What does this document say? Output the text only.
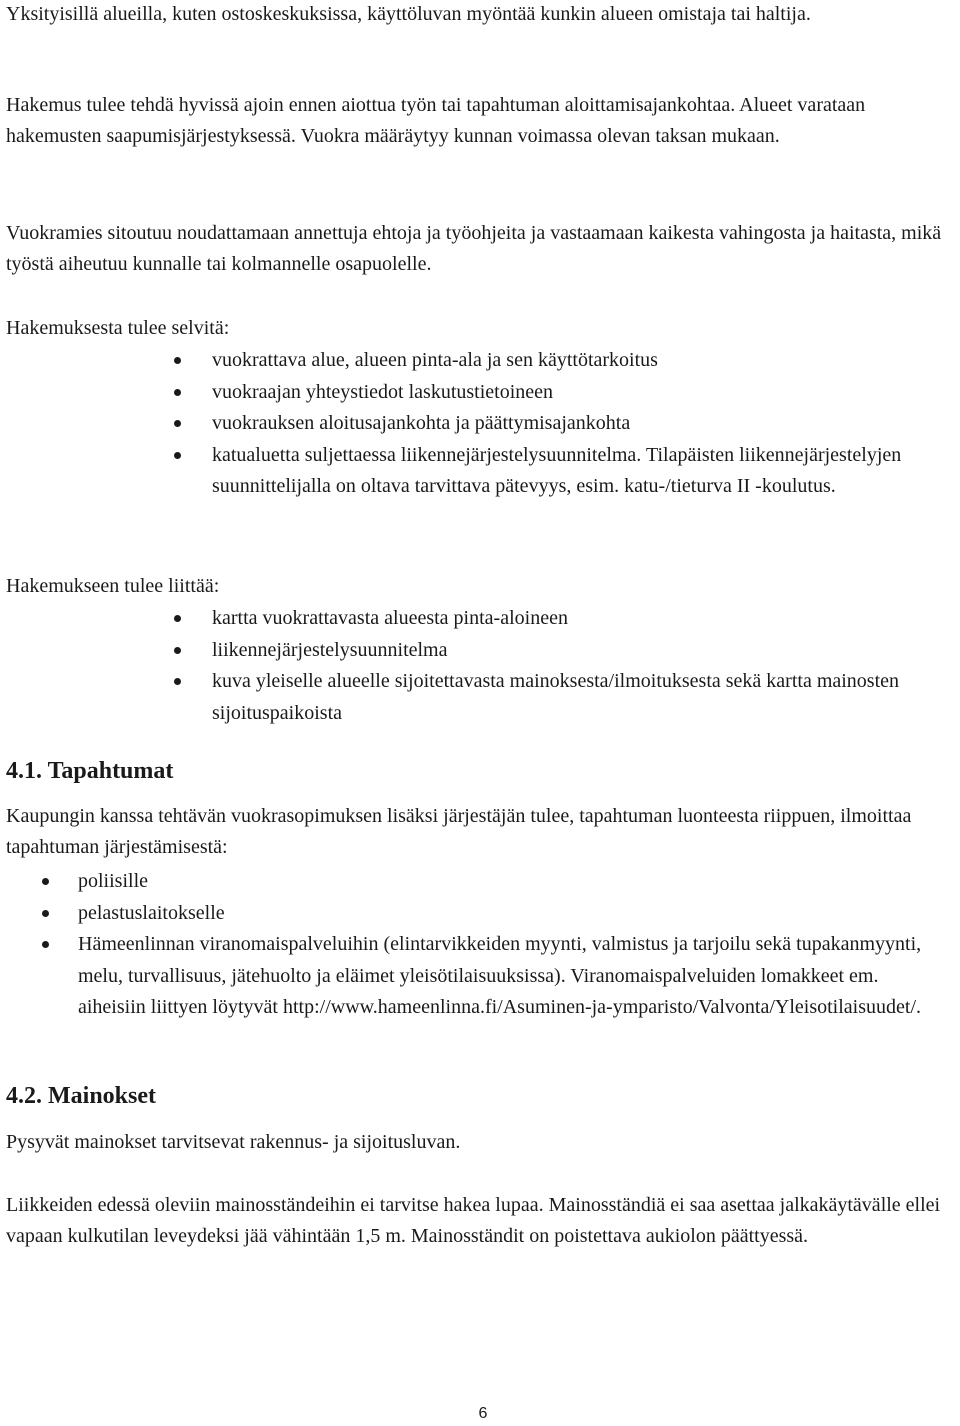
Yksityisillä alueilla, kuten ostoskeskuksissa, käyttöluvan myöntää kunkin alueen omistaja tai haltija.

Hakemus tulee tehdä hyvissä ajoin ennen aiottua työn tai tapahtuman aloittamisajankohtaa. Alueet varataan hakemusten saapumisjärjestyksessä. Vuokra määräytyy kunnan voimassa olevan taksan mukaan.

Vuokramies sitoutuu noudattamaan annettuja ehtoja ja työohjeita ja vastaamaan kaikesta vahingosta ja haitasta, mikä työstä aiheutuu kunnalle tai kolmannelle osapuolelle.

Hakemuksesta tulee selvitä:

vuokrattava alue, alueen pinta-ala ja sen käyttötarkoitus
vuokraajan yhteystiedot laskutustietoineen
vuokrauksen aloitusajankohta ja päättymisajankohta
katualuetta suljettaessa liikennejärjestelysuunnitelma. Tilapäisten liikennejärjestelyjen suunnittelijalla on oltava tarvittava pätevyys, esim. katu-/tieturva II -koulutus.

Hakemukseen tulee liittää:

kartta vuokrattavasta alueesta pinta-aloineen
liikennejärjestelysuunnitelma
kuva yleiselle alueelle sijoitettavasta mainoksesta/ilmoituksesta sekä kartta mainosten sijoituspaikoista
4.1. Tapahtumat

Kaupungin kanssa tehtävän vuokrasopimuksen lisäksi järjestäjän tulee, tapahtuman luonteesta riippuen, ilmoittaa tapahtuman järjestämisestä:

poliisille
pelastuslaitokselle
Hämeenlinnan viranomaispalveluihin (elintarvikkeiden myynti, valmistus ja tarjoilu sekä tupakanmyynti, melu, turvallisuus, jätehuolto ja eläimet yleisötilaisuuksissa). Viranomaispalveluiden lomakkeet em. aiheisiin liittyen löytyvät http://www.hameenlinna.fi/Asuminen-ja-ymparisto/Valvonta/Yleisotilaisuudet/.
4.2. Mainokset

Pysyvät mainokset tarvitsevat rakennus- ja sijoitusluvan.

Liikkeiden edessä oleviin mainosständeihin ei tarvitse hakea lupaa. Mainosständiä ei saa asettaa jalkakäytävälle ellei vapaan kulkutilan leveydeksi jää vähintään 1,5 m. Mainosständit on poistettava aukiolon päättyessä.

6
